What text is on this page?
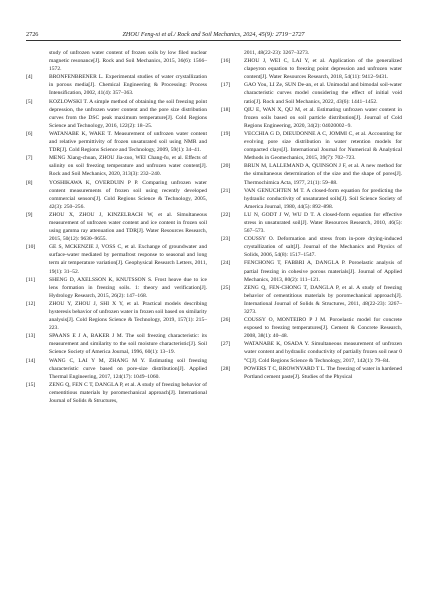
2726	ZHOU Feng-xi et al./ Rock and Soil Mechanics, 2024, 45(9): 2719−2727
study of unfrozen water content of frozen soils by low filed nuclear magnetic resonance[J]. Rock and Soil Mechanics, 2015, 36(6): 1566–1572.
[4]	BRONFENBRENER L. Experimental studies of water crystallization in porous media[J]. Chemical Engineering & Processing: Process Intensification, 2002, 41(4): 357–363.
[5]	KOZLOWSKI T. A simple method of obtaining the soil freezing point depression, the unfrozen water content and the pore size distribution curves from the DSC peak maximum temperature[J]. Cold Regions Science and Technology, 2016, 122(2): 18–25.
[6]	WATANABE K, WAKE T. Measurement of unfrozen water content and relative permittivity of frozen unsaturated soil using NMR and TDR[J]. Cold Regions Science and Technology, 2009, 59(1): 34–41.
[7]	MENG Xiang-chuan, ZHOU Jia-zuo, WEI Chang-fu, et al. Effects of salinity on soil freezing temperature and unfrozen water content[J]. Rock and Soil Mechanics, 2020, 313(3): 232–240.
[8]	YOSHIKAWA K, OVERDUIN P P. Comparing unfrozen water content measurements of frozen soil using recently developed commercial sensors[J]. Cold Regions Science & Technology, 2005, 42(3): 250–256.
[9]	ZHOU X, ZHOU J, KINZELBACH W, et al. Simultaneous measurement of unfrozen water content and ice content in frozen soil using gamma ray attenuation and TDR[J]. Water Resources Research, 2015, 50(12): 9630–9655.
[10] GE S, MCKENZIE J, VOSS C, et al. Exchange of groundwater and surface-water mediated by permafrost response to seasonal and long term air temperature variation[J]. Geophysical Research Letters, 2011, 19(1): 31–52.
[11]	SHENG D, AXELSSON K, KNUTSSON S. Frost heave due to ice lens formation in freezing soils. 1: theory and verification[J]. Hydrology Research, 2015, 26(2): 147–168.
[12] ZHOU Y, ZHOU J, SHI X Y, et al. Practical models describing hysteresis behavior of unfrozen water in frozen soil based on similarity analysis[J]. Cold Regions Science & Technology, 2019, 157(1): 215–223.
[13] SPAANS E J A, BAKER J M. The soil freezing characteristic: its measurement and similarity to the soil moisture characteristic[J]. Soil Science Society of America Journal, 1996, 60(1): 13–19.
[14] WANG C, LAI Y M, ZHANG M Y. Estimating soil freezing characteristic curve based on pore-size distribution[J]. Applied Thermal Engineering, 2017, 124(17): 1049–1060.
[15] ZENG Q, FEN C T, DANGLA P, et al. A study of freezing behavior of cementitious materials by poromechanical approach[J]. International Journal of Solids & Structures,
2011, 48(22-23): 3267–3273.
[16] ZHOU J, WEI C, LAI Y, et al. Application of the generalized clapeyron equation to freezing point depression and unfrozen water content[J]. Water Resources Research, 2018, 54(11): 9412–9431.
[17] GAO You, LI Ze, SUN De-an, et al. Unimodal and bimodal soil-water characteristic curves model considering the effect of initial void ratio[J]. Rock and Soil Mechanics, 2022, 43(6): 1441–1452.
[18] QIU E, WAN X, QU M, et al. Estimating unfrozen water content in frozen soils based on soil particle distribution[J]. Journal of Cold Regions Engineering, 2020, 34(2): 04020002−9.
[19] VECCHIA G D, DIEUDONNE A C, JOMMI C, et al. Accounting for evolving pore size distribution in water retention models for compacted clays[J]. International Journal for Numerical & Analytical Methods in Geomechanics, 2015, 39(7): 702–723.
[20] BRUN M, LALLEMAND A, QUINSON J F, et al. A new method for the simultaneous determination of the size and the shape of pores[J]. Thermochimica Acta, 1977, 21(1): 59–88.
[21] VAN GENUCHTEN M T. A closed-form equation for predicting the hydraulic conductivity of unsaturated soils[J]. Soil Science Society of America Journal, 1980, 44(5): 892–898.
[22] LU N, GODT J W, WU D T. A closed-form equation for effective stress in unsaturated soil[J]. Water Resources Research, 2010, 46(5): 567–573.
[23] COUSSY O. Deformation and stress from in-pore drying-induced crystallization of salt[J]. Journal of the Mechanics and Physics of Solids, 2006, 54(8): 1517–1547.
[24] FENCHONG T, FABBRI A, DANGLA P. Poroelastic analysis of partial freezing in cohesive porous materials[J]. Journal of Applied Mechanics, 2013, 80(2): 111–121.
[25] ZENG Q, FEN-CHONG T, DANGLA P, et al. A study of freezing behavior of cementitious materials by poromechanical approach[J]. International Journal of Solids & Structures, 2011, 48(22-23): 3267–3273.
[26] COUSSY O, MONTEIRO P J M. Poroelastic model for concrete exposed to freezing temperatures[J]. Cement & Concrete Research, 2008, 38(1): 40–48.
[27] WATANABE K, OSADA Y. Simultaneous measurement of unfrozen water content and hydraulic conductivity of partially frozen soil near 0 °C[J]. Cold Regions Science & Technology, 2017, 142(1): 79–84.
[28] POWERS T C, BROWNYARD T L. The freezing of water in hardened Portland cement paste[J]. Studies of the Physical
